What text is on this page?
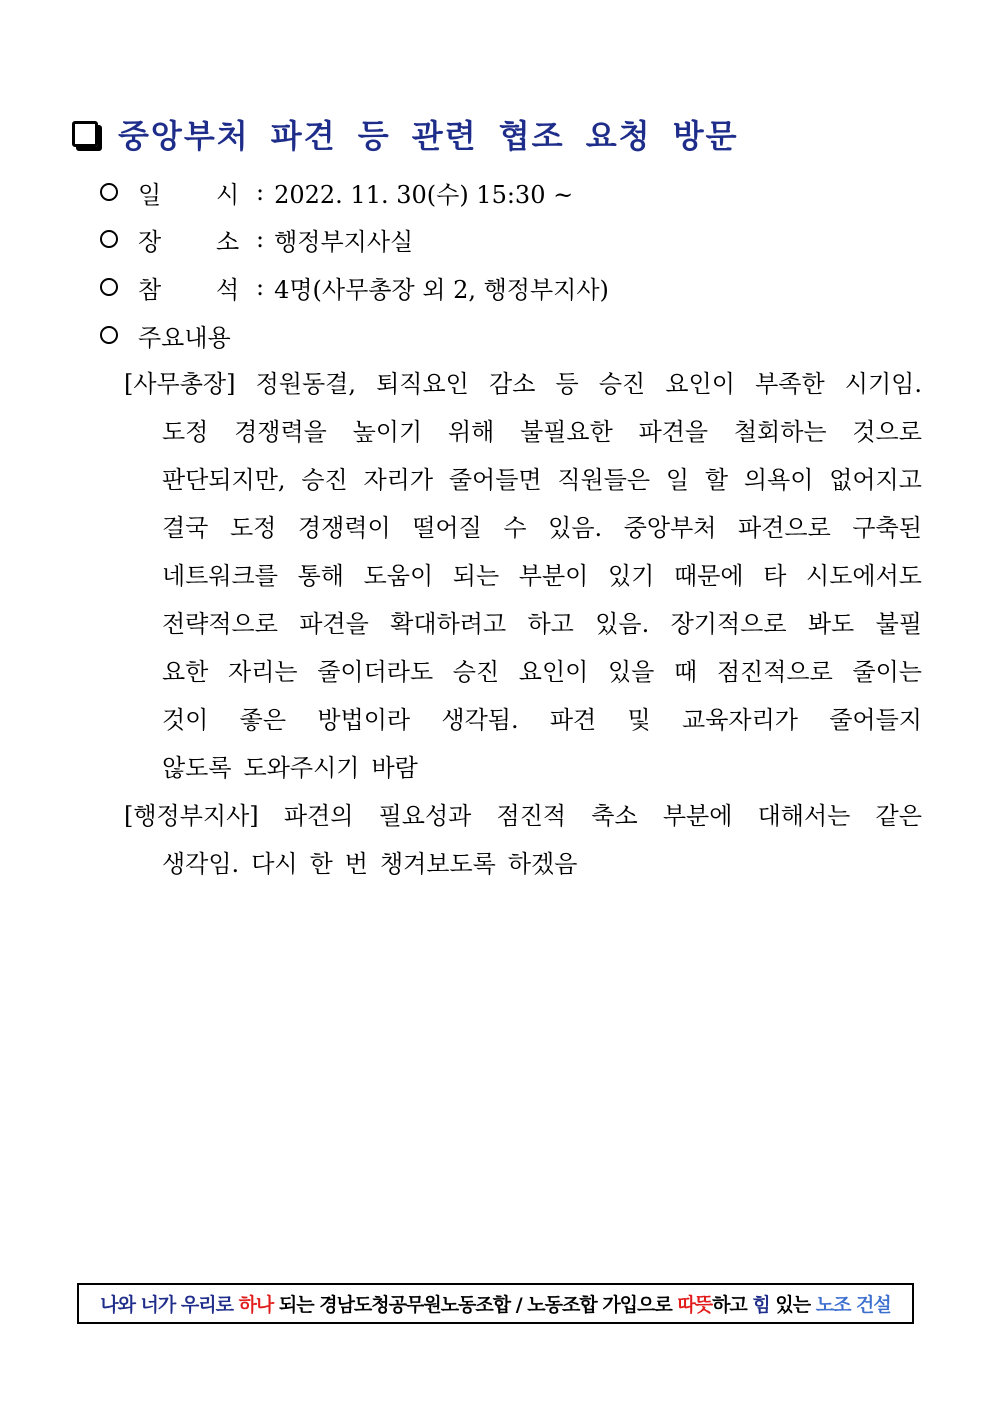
중앙부처 파견 등 관련 협조 요청 방문
일	시 : 2022. 11. 30(수) 15:30 ~
장	소 : 행정부지사실
참	석 : 4명(사무총장 외 2, 행정부지사)
주요내용
[사무총장] 정원동결, 퇴직요인 감소 등 승진 요인이 부족한 시기임.
도정 경쟁력을 높이기 위해 불필요한 파견을 철회하는 것으로
판단되지만, 승진 자리가 줄어들면 직원들은 일 할 의욕이 없어지고
결국 도정 경쟁력이 떨어질 수 있음. 중앙부처 파견으로 구축된
네트워크를 통해 도움이 되는 부분이 있기 때문에 타 시도에서도
전략적으로 파견을 확대하려고 하고 있음. 장기적으로 봐도 불필
요한 자리는 줄이더라도 승진 요인이 있을 때 점진적으로 줄이는
것이 좋은 방법이라 생각됨. 파견 및 교육자리가 줄어들지
않도록 도와주시기 바람
[행정부지사] 파견의 필요성과 점진적 축소 부분에 대해서는 같은
생각임. 다시 한 번 챙겨보도록 하겠음
나와 너가 우리로 하나 되는 경남도청공무원노동조합 / 노동조합 가입으로 따뜻 하고 힘 있는 노조 건설
